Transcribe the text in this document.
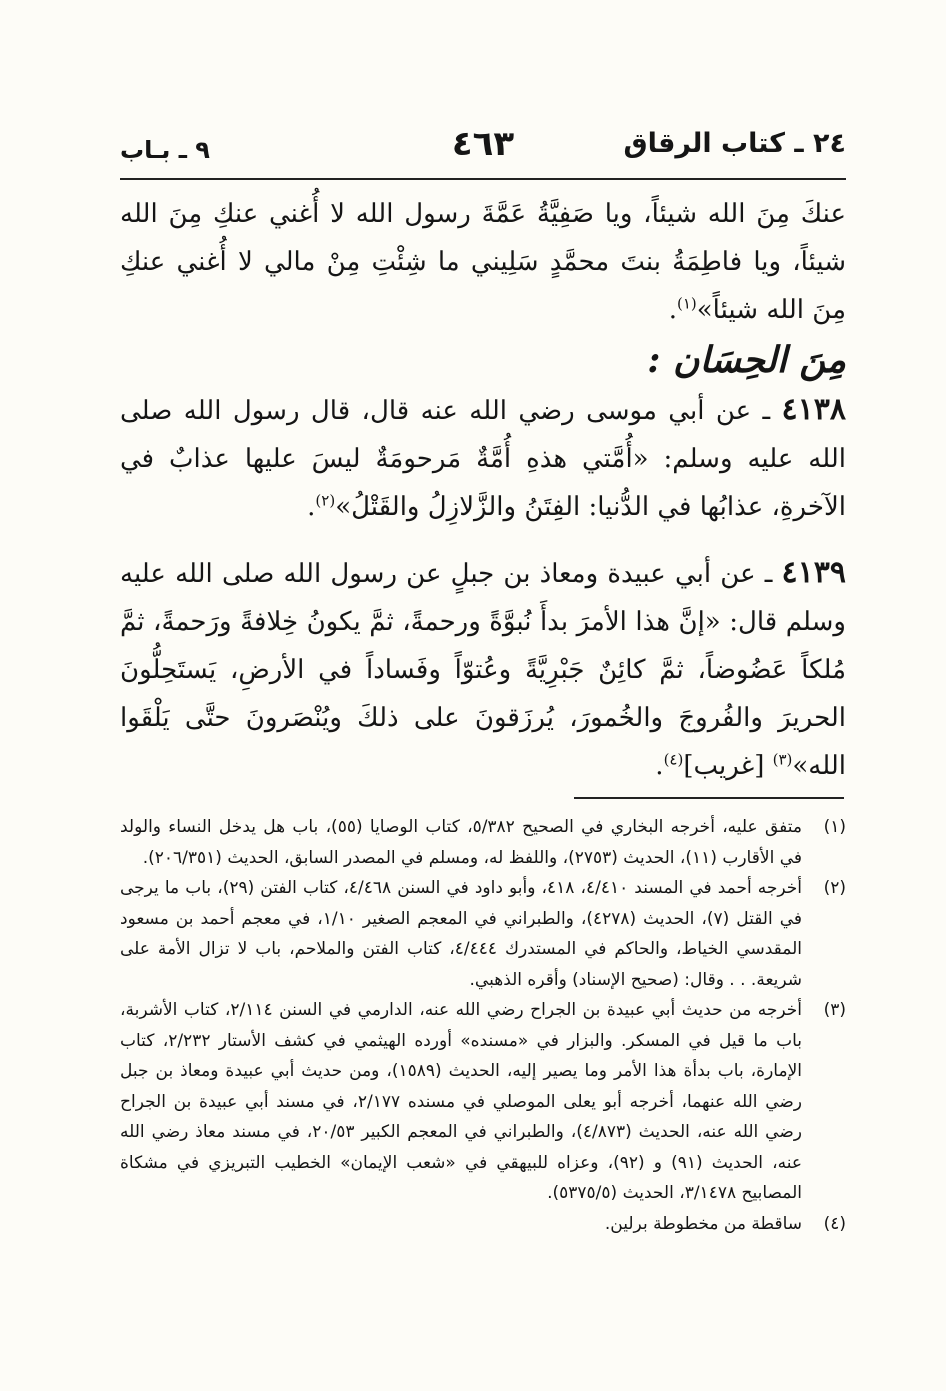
٢٤ ـ كتاب الرقاق
٤٦٣
٩ ـ بـاب

عنكَ مِنَ الله شيئاً، ويا صَفِيَّةُ عَمَّةَ رسول الله لا أُغني عنكِ مِنَ الله شيئاً، ويا فاطِمَةُ بنتَ محمَّدٍ سَلِيني ما شِئْتِ مِنْ مالي لا أُغني عنكِ مِنَ الله شيئاً»$^{(١)}$.

مِنَ الحِسَان :

٤١٣٨ ـ عن أبي موسى رضي الله عنه قال، قال رسول الله صلى الله عليه وسلم: «أُمَّتي هذهِ أُمَّةٌ مَرحومَةٌ ليسَ عليها عذابٌ في الآخرةِ، عذابُها في الدُّنيا: الفِتَنُ والزَّلازِلُ والقَتْلُ»$^{(٢)}$.

٤١٣٩ ـ عن أبي عبيدة ومعاذ بن جبلٍ عن رسول الله صلى الله عليه وسلم قال: «إنَّ هذا الأمرَ بدأَ نُبوَّةً ورحمةً، ثمَّ يكونُ خِلافةً ورَحمةً، ثمَّ مُلكاً عَضُوضاً، ثمَّ كائِنٌ جَبْرِيَّةً وعُتوّاً وفَساداً في الأرضِ، يَستَحِلُّونَ الحريرَ والفُروجَ والخُمورَ، يُرزَقونَ على ذلكَ ويُنْصَرونَ حتَّى يَلْقَوا الله»$^{(٣)}$ [غريب]$^{(٤)}$.

(١)
متفق عليه، أخرجه البخاري في الصحيح ٥/٣٨٢، كتاب الوصايا (٥٥)، باب هل يدخل النساء والولد في الأقارب (١١)، الحديث (٢٧٥٣)، واللفظ له، ومسلم في المصدر السابق، الحديث (٢٠٦/٣٥١).

(٢)
أخرجه أحمد في المسند ٤/٤١٠، ٤١٨، وأبو داود في السنن ٤/٤٦٨، كتاب الفتن (٢٩)، باب ما يرجى في القتل (٧)، الحديث (٤٢٧٨)، والطبراني في المعجم الصغير ١/١٠، في معجم أحمد بن مسعود المقدسي الخياط، والحاكم في المستدرك ٤/٤٤٤، كتاب الفتن والملاحم، باب لا تزال الأمة على شريعة. . . وقال: (صحيح الإسناد) وأقره الذهبي.

(٣)
أخرجه من حديث أبي عبيدة بن الجراح رضي الله عنه، الدارمي في السنن ٢/١١٤، كتاب الأشربة، باب ما قيل في المسكر. والبزار في «مسنده» أورده الهيثمي في كشف الأستار ٢/٢٣٢، كتاب الإمارة، باب بدأة هذا الأمر وما يصير إليه، الحديث (١٥٨٩)، ومن حديث أبي عبيدة ومعاذ بن جبل رضي الله عنهما، أخرجه أبو يعلى الموصلي في مسنده ٢/١٧٧، في مسند أبي عبيدة بن الجراح رضي الله عنه، الحديث (٤/٨٧٣)، والطبراني في المعجم الكبير ٢٠/٥٣، في مسند معاذ رضي الله عنه، الحديث (٩١) و (٩٢)، وعزاه للبيهقي في «شعب الإيمان» الخطيب التبريزي في مشكاة المصابيح ٣/١٤٧٨، الحديث (٥٣٧٥/٥).

(٤)
ساقطة من مخطوطة برلين.
